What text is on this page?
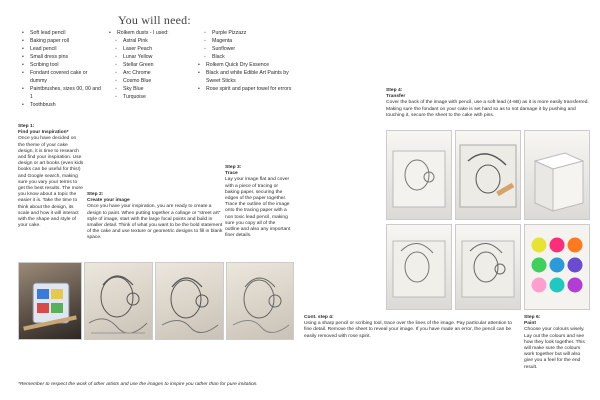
You will need:
• Soft lead pencil
• Baking paper roll
• Lead pencil
• Small dress pins
• Scribing tool
• Fondant covered cake or dummy
• Paintbrushes, sizes 00, 00 and 1
• Toothbrush
• Rolkem dusts - I used:
◦ Astral Pink
◦ Laser Peach
◦ Lunar Yellow
◦ Stellar Green
◦ Arc Chrome
◦ Cosmo Blue
◦ Sky Blue
◦ Turquoise
◦ Purple Pizzazz
◦ Magenta
◦ Sunflower
◦ Black
• Rolkem Quick Dry Essence
• Black and white Edible Art Paints by Sweet Sticks
• Rose spirit and paper towel for errors
Step 1:
Find your Inspiration*
Once you have decided on the theme of your cake design, it is time to research and find your inspiration. Use design or art books (even kids books can be useful for this!) and Google search, making sure you vary your terms to get the best results. The more you know about a topic the easier it is. Take the time to think about the design, its scale and how it will interact with the shape and style of your cake.
Step 2:
Create your image
Once you have your inspiration, you are ready to create a design to paint. When putting together a collage or "street art" style of image, start with the large focal points and build in smaller detail. Think of what you want to be the bold statement of the cake and use texture or geometric designs to fill in blank space.
Step 3:
Trace
Lay your image flat and cover with a piece of tracing or baking paper, securing the edges of the paper together. Trace the outline of the image onto the tracing paper with a non toxic lead pencil, making sure you copy all of the outline and also any important finer details.
Step 4:
Transfer
Cover the back of the image with pencil, use a soft lead (4-6B) as it is more easily transferred. Making sure the fondant on your cake is set hard so as to not damage it by pushing and touching it, secure the sheet to the cake with pins.
Cont. step 4:
Using a sharp pencil or scribing tool, trace over the lines of the image. Pay particular attention to fine detail. Remove the sheet to reveal your image. If you have made an error, the pencil can be easily removed with rose spirit.
Step 6:
Paint
Choose your colours wisely. Lay out the colours and see how they look together. This will make sure the colours work together but will also give you a feel for the end result.
*Remember to respect the work of other artists and use the images to inspire you rather than for pure imitation.
